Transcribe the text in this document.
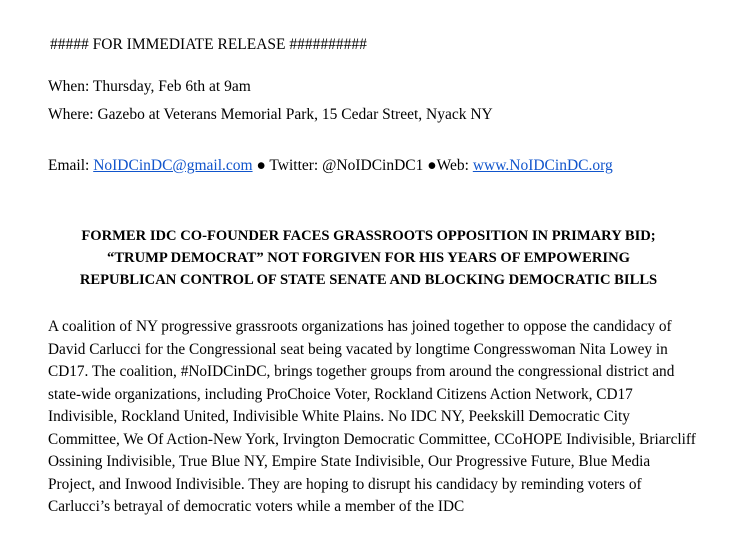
##### FOR IMMEDIATE RELEASE ##########
When: Thursday, Feb 6th at 9am
Where: Gazebo at Veterans Memorial Park, 15 Cedar Street, Nyack NY
Email: NoIDCinDC@gmail.com ● Twitter: @NoIDCinDC1 ●Web: www.NoIDCinDC.org
FORMER IDC CO-FOUNDER FACES GRASSROOTS OPPOSITION IN PRIMARY BID;
“TRUMP DEMOCRAT” NOT FORGIVEN FOR HIS YEARS OF EMPOWERING
REPUBLICAN CONTROL OF STATE SENATE AND BLOCKING DEMOCRATIC BILLS
A coalition of NY progressive grassroots organizations has joined together to oppose the candidacy of
David Carlucci for the Congressional seat being vacated by longtime Congresswoman Nita Lowey in
CD17. The coalition, #NoIDCinDC, brings together groups from around the congressional district and
state-wide organizations, including ProChoice Voter, Rockland Citizens Action Network, CD17
Indivisible, Rockland United, Indivisible White Plains. No IDC NY, Peekskill Democratic City
Committee, We Of Action-New York, Irvington Democratic Committee, CCoHOPE Indivisible, Briarcliff
Ossining Indivisible, True Blue NY, Empire State Indivisible, Our Progressive Future, Blue Media
Project, and Inwood Indivisible. They are hoping to disrupt his candidacy by reminding voters of
Carlucci’s betrayal of democratic voters while a member of the IDC
